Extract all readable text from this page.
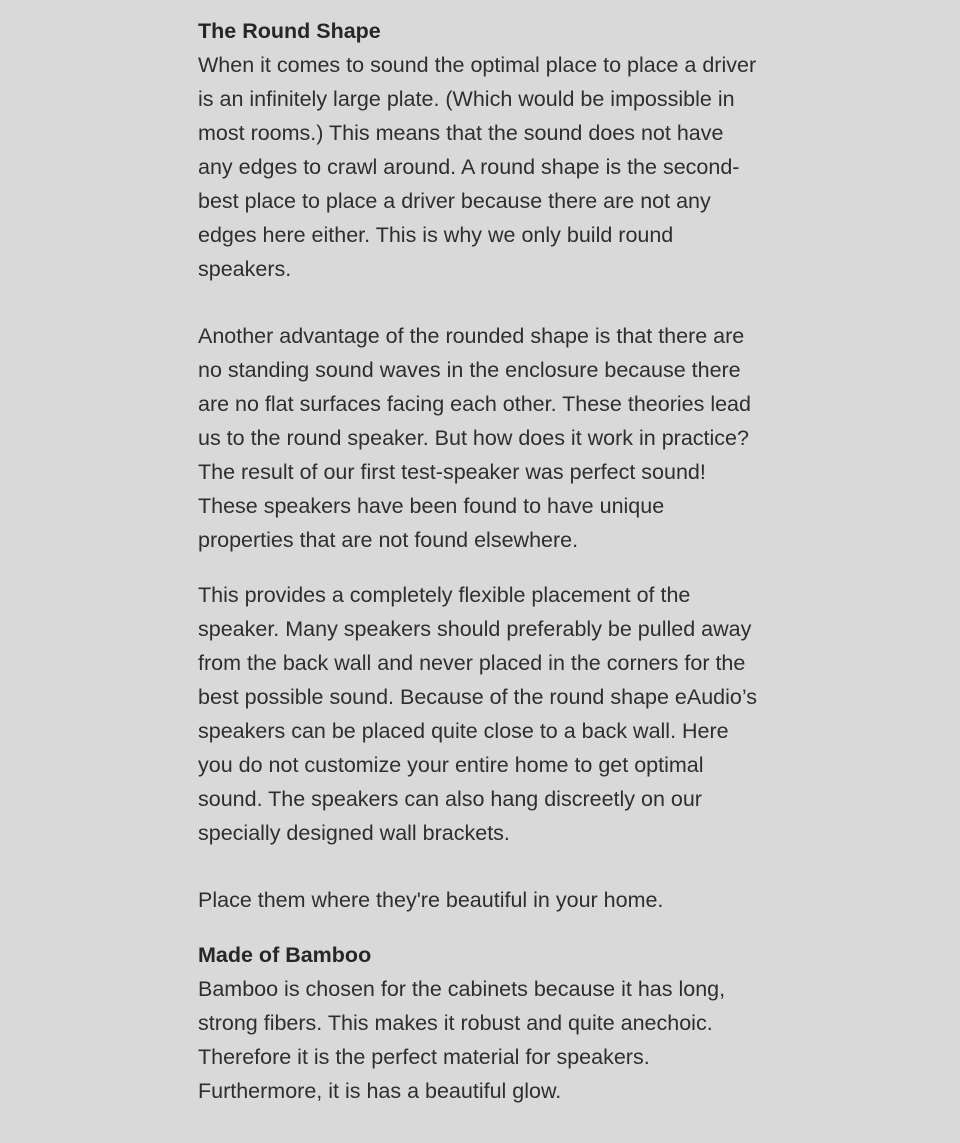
The Round Shape

When it comes to sound the optimal place to place a driver
is an infinitely large plate. (Which would be impossible in
most rooms.) This means that the sound does not have
any edges to crawl around. A round shape is the second-
best place to place a driver because there are not any
edges here either. This is why we only build round
speakers.

Another advantage of the rounded shape is that there are
no standing sound waves in the enclosure because there
are no flat surfaces facing each other. These theories lead
us to the round speaker. But how does it work in practice?
The result of our first test-speaker was perfect sound!
These speakers have been found to have unique
properties that are not found elsewhere.

This provides a completely flexible placement of the
speaker. Many speakers should preferably be pulled away
from the back wall and never placed in the corners for the
best possible sound. Because of the round shape eAudio’s
speakers can be placed quite close to a back wall. Here
you do not customize your entire home to get optimal
sound. The speakers can also hang discreetly on our
specially designed wall brackets.

Place them where they're beautiful in your home.

Made of Bamboo

Bamboo is chosen for the cabinets because it has long,
strong fibers. This makes it robust and quite anechoic.
Therefore it is the perfect material for speakers.
Furthermore, it is has a beautiful glow.
